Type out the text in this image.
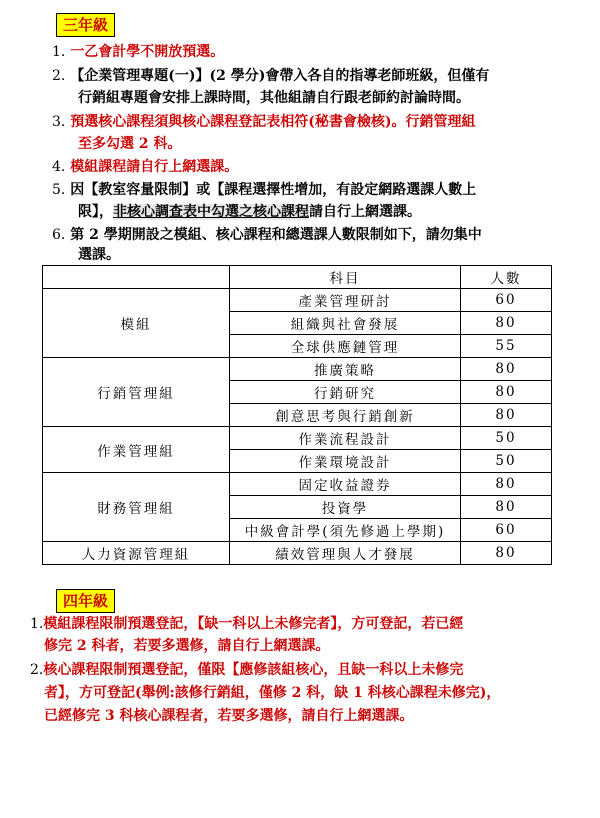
三年級
1. 一乙會計學不開放預選。
2. 【企業管理專題(一)】(2 學分)會帶入各自的指導老師班級，但僅有
行銷組專題會安排上課時間，其他組請自行跟老師約討論時間。
3. 預選核心課程須與核心課程登記表相符(秘書會檢核)。行銷管理組
至多勾選 2 科。
4. 模組課程請自行上網選課。
5. 因【教室容量限制】或【課程選擇性增加，有設定網路選課人數上
限】，非核心調查表中勾選之核心課程請自行上網選課。
6. 第 2 學期開設之模組、核心課程和總選課人數限制如下，請勿集中
選課。
	科目	人數
模組	產業管理研討	60
	組織與社會發展	80
	全球供應鏈管理	55
行銷管理組	推廣策略	80
	行銷研究	80
	創意思考與行銷創新	80
作業管理組	作業流程設計	50
	作業環境設計	50
財務管理組	固定收益證券	80
	投資學	80
	中級會計學(須先修過上學期)	60
人力資源管理組	績效管理與人才發展	80
四年級
1.模組課程限制預選登記，【缺一科以上未修完者】，方可登記，若已經
修完 2 科者，若要多選修，請自行上網選課。
2.核心課程限制預選登記，僅限【應修該組核心，且缺一科以上未修完
者】，方可登記(舉例:該修行銷組，僅修 2 科，缺 1 科核心課程未修完)，
已經修完 3 科核心課程者，若要多選修，請自行上網選課。
